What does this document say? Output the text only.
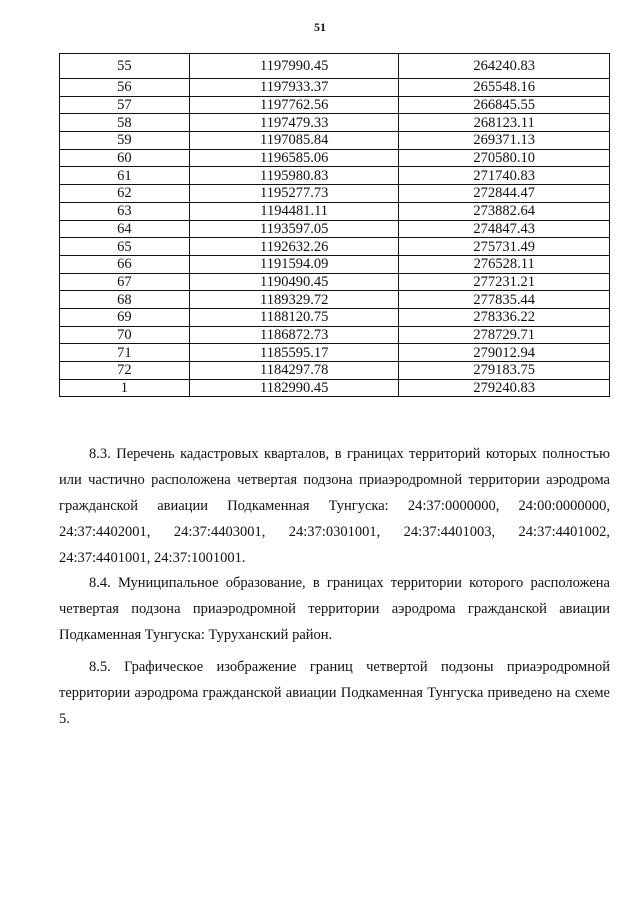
51
55	1197990.45	264240.83
56	1197933.37	265548.16
57	1197762.56	266845.55
58	1197479.33	268123.11
59	1197085.84	269371.13
60	1196585.06	270580.10
61	1195980.83	271740.83
62	1195277.73	272844.47
63	1194481.11	273882.64
64	1193597.05	274847.43
65	1192632.26	275731.49
66	1191594.09	276528.11
67	1190490.45	277231.21
68	1189329.72	277835.44
69	1188120.75	278336.22
70	1186872.73	278729.71
71	1185595.17	279012.94
72	1184297.78	279183.75
1	1182990.45	279240.83

8.3. Перечень кадастровых кварталов, в границах территорий которых полностью или частично расположена четвертая подзона приаэродромной территории аэродрома гражданской авиации Подкаменная Тунгуска: 24:37:0000000, 24:00:0000000, 24:37:4402001, 24:37:4403001, 24:37:0301001, 24:37:4401003, 24:37:4401002, 24:37:4401001, 24:37:1001001.

8.4. Муниципальное образование, в границах территории которого расположена четвертая подзона приаэродромной территории аэродрома гражданской авиации Подкаменная Тунгуска: Туруханский район.

8.5. Графическое изображение границ четвертой подзоны приаэродромной территории аэродрома гражданской авиации Подкаменная Тунгуска приведено на схеме 5.
